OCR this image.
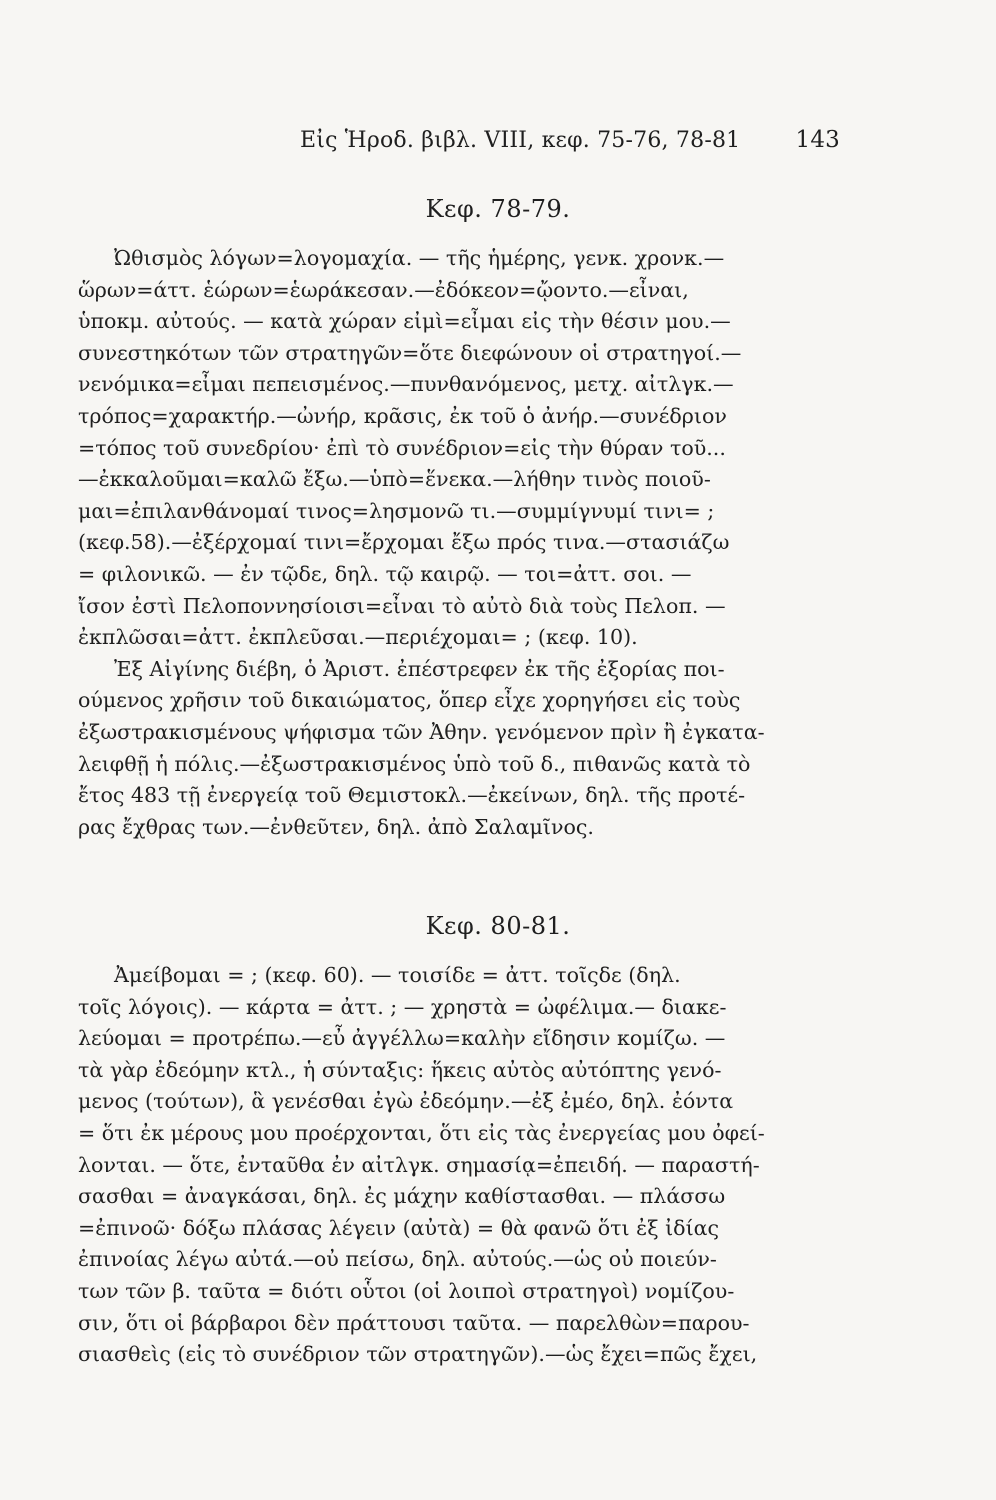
Εἰς Ἡροδ. βιβλ. VIII, κεφ. 75-76, 78-81 143
Κεφ. 78-79.
Ὠθισμὸς λόγων=λογομαχία. — τῆς ἡμέρης, γενκ. χρονκ.—
ὥρων=άττ. ἑώρων=ἑωράκεσαν.—ἐδόκεον=ᾤοντο.—εἶναι,
ὑποκμ. αὐτούς. — κατὰ χώραν εἰμὶ=εἶμαι εἰς τὴν θέσιν μου.—
συνεστηκότων τῶν στρατηγῶν=ὅτε διεφώνουν οἱ στρατηγοί.—
νενόμικα=εἶμαι πεπεισμένος.—πυνθανόμενος, μετχ. αἰτλγκ.—
τρόπος=χαρακτήρ.—ὠνήρ, κρᾶσις, ἐκ τοῦ ὁ ἀνήρ.—συνέδριον
=τόπος τοῦ συνεδρίου· ἐπὶ τὸ συνέδριον=εἰς τὴν θύραν τοῦ...
—ἐκκαλοῦμαι=καλῶ ἔξω.—ὑπὸ=ἕνεκα.—λήθην τινὸς ποιοῦ-
μαι=ἐπιλανθάνομαί τινος=λησμονῶ τι.—συμμίγνυμί τινι= ;
(κεφ.58).—ἐξέρχομαί τινι=ἔρχομαι ἔξω πρός τινα.—στασιάζω
= φιλονικῶ. — ἐν τῷδε, δηλ. τῷ καιρῷ. — τοι=ἀττ. σοι. —
ἴσον ἐστὶ Πελοποννησίοισι=εἶναι τὸ αὐτὸ διὰ τοὺς Πελοπ. —
ἐκπλῶσαι=ἀττ. ἐκπλεῦσαι.—περιέχομαι= ; (κεφ. 10).
Ἐξ Αἰγίνης διέβη, ὁ Ἀριστ. ἐπέστρεφεν ἐκ τῆς ἐξορίας ποι-
ούμενος χρῆσιν τοῦ δικαιώματος, ὅπερ εἶχε χορηγήσει εἰς τοὺς
ἐξωστρακισμένους ψήφισμα τῶν Ἀθην. γενόμενον πρὶν ἢ ἐγκατα-
λειφθῇ ἡ πόλις.—ἐξωστρακισμένος ὑπὸ τοῦ δ., πιθανῶς κατὰ τὸ
ἔτος 483 τῇ ἐνεργείᾳ τοῦ Θεμιστοκλ.—ἐκείνων, δηλ. τῆς προτέ-
ρας ἔχθρας των.—ἐνθεῦτεν, δηλ. ἀπὸ Σαλαμῖνος.
Κεφ. 80-81.
Ἀμείβομαι = ; (κεφ. 60). — τοισίδε = ἀττ. τοῖςδε (δηλ.
τοῖς λόγοις). — κάρτα = ἀττ. ; — χρηστὰ = ὠφέλιμα.— διακε-
λεύομαι = προτρέπω.—εὖ ἀγγέλλω=καλὴν εἴδησιν κομίζω. —
τὰ γὰρ ἐδεόμην κτλ., ἡ σύνταξις: ἥκεις αὐτὸς αὐτόπτης γενό-
μενος (τούτων), ἃ γενέσθαι ἐγὼ ἐδεόμην.—ἐξ ἐμέο, δηλ. ἐόντα
= ὅτι ἐκ μέρους μου προέρχονται, ὅτι εἰς τὰς ἐνεργείας μου ὀφεί-
λονται. — ὅτε, ἐνταῦθα ἐν αἰτλγκ. σημασίᾳ=ἐπειδή. — παραστή-
σασθαι = ἀναγκάσαι, δηλ. ἐς μάχην καθίστασθαι. — πλάσσω
=ἐπινοῶ· δόξω πλάσας λέγειν (αὐτὰ) = θὰ φανῶ ὅτι ἐξ ἰδίας
ἐπινοίας λέγω αὐτά.—οὐ πείσω, δηλ. αὐτούς.—ὡς οὐ ποιεύν-
των τῶν β. ταῦτα = διότι οὗτοι (οἱ λοιποὶ στρατηγοὶ) νομίζου-
σιν, ὅτι οἱ βάρβαροι δὲν πράττουσι ταῦτα. — παρελθὼν=παρου-
σιασθεὶς (εἰς τὸ συνέδριον τῶν στρατηγῶν).—ὡς ἔχει=πῶς ἔχει,
